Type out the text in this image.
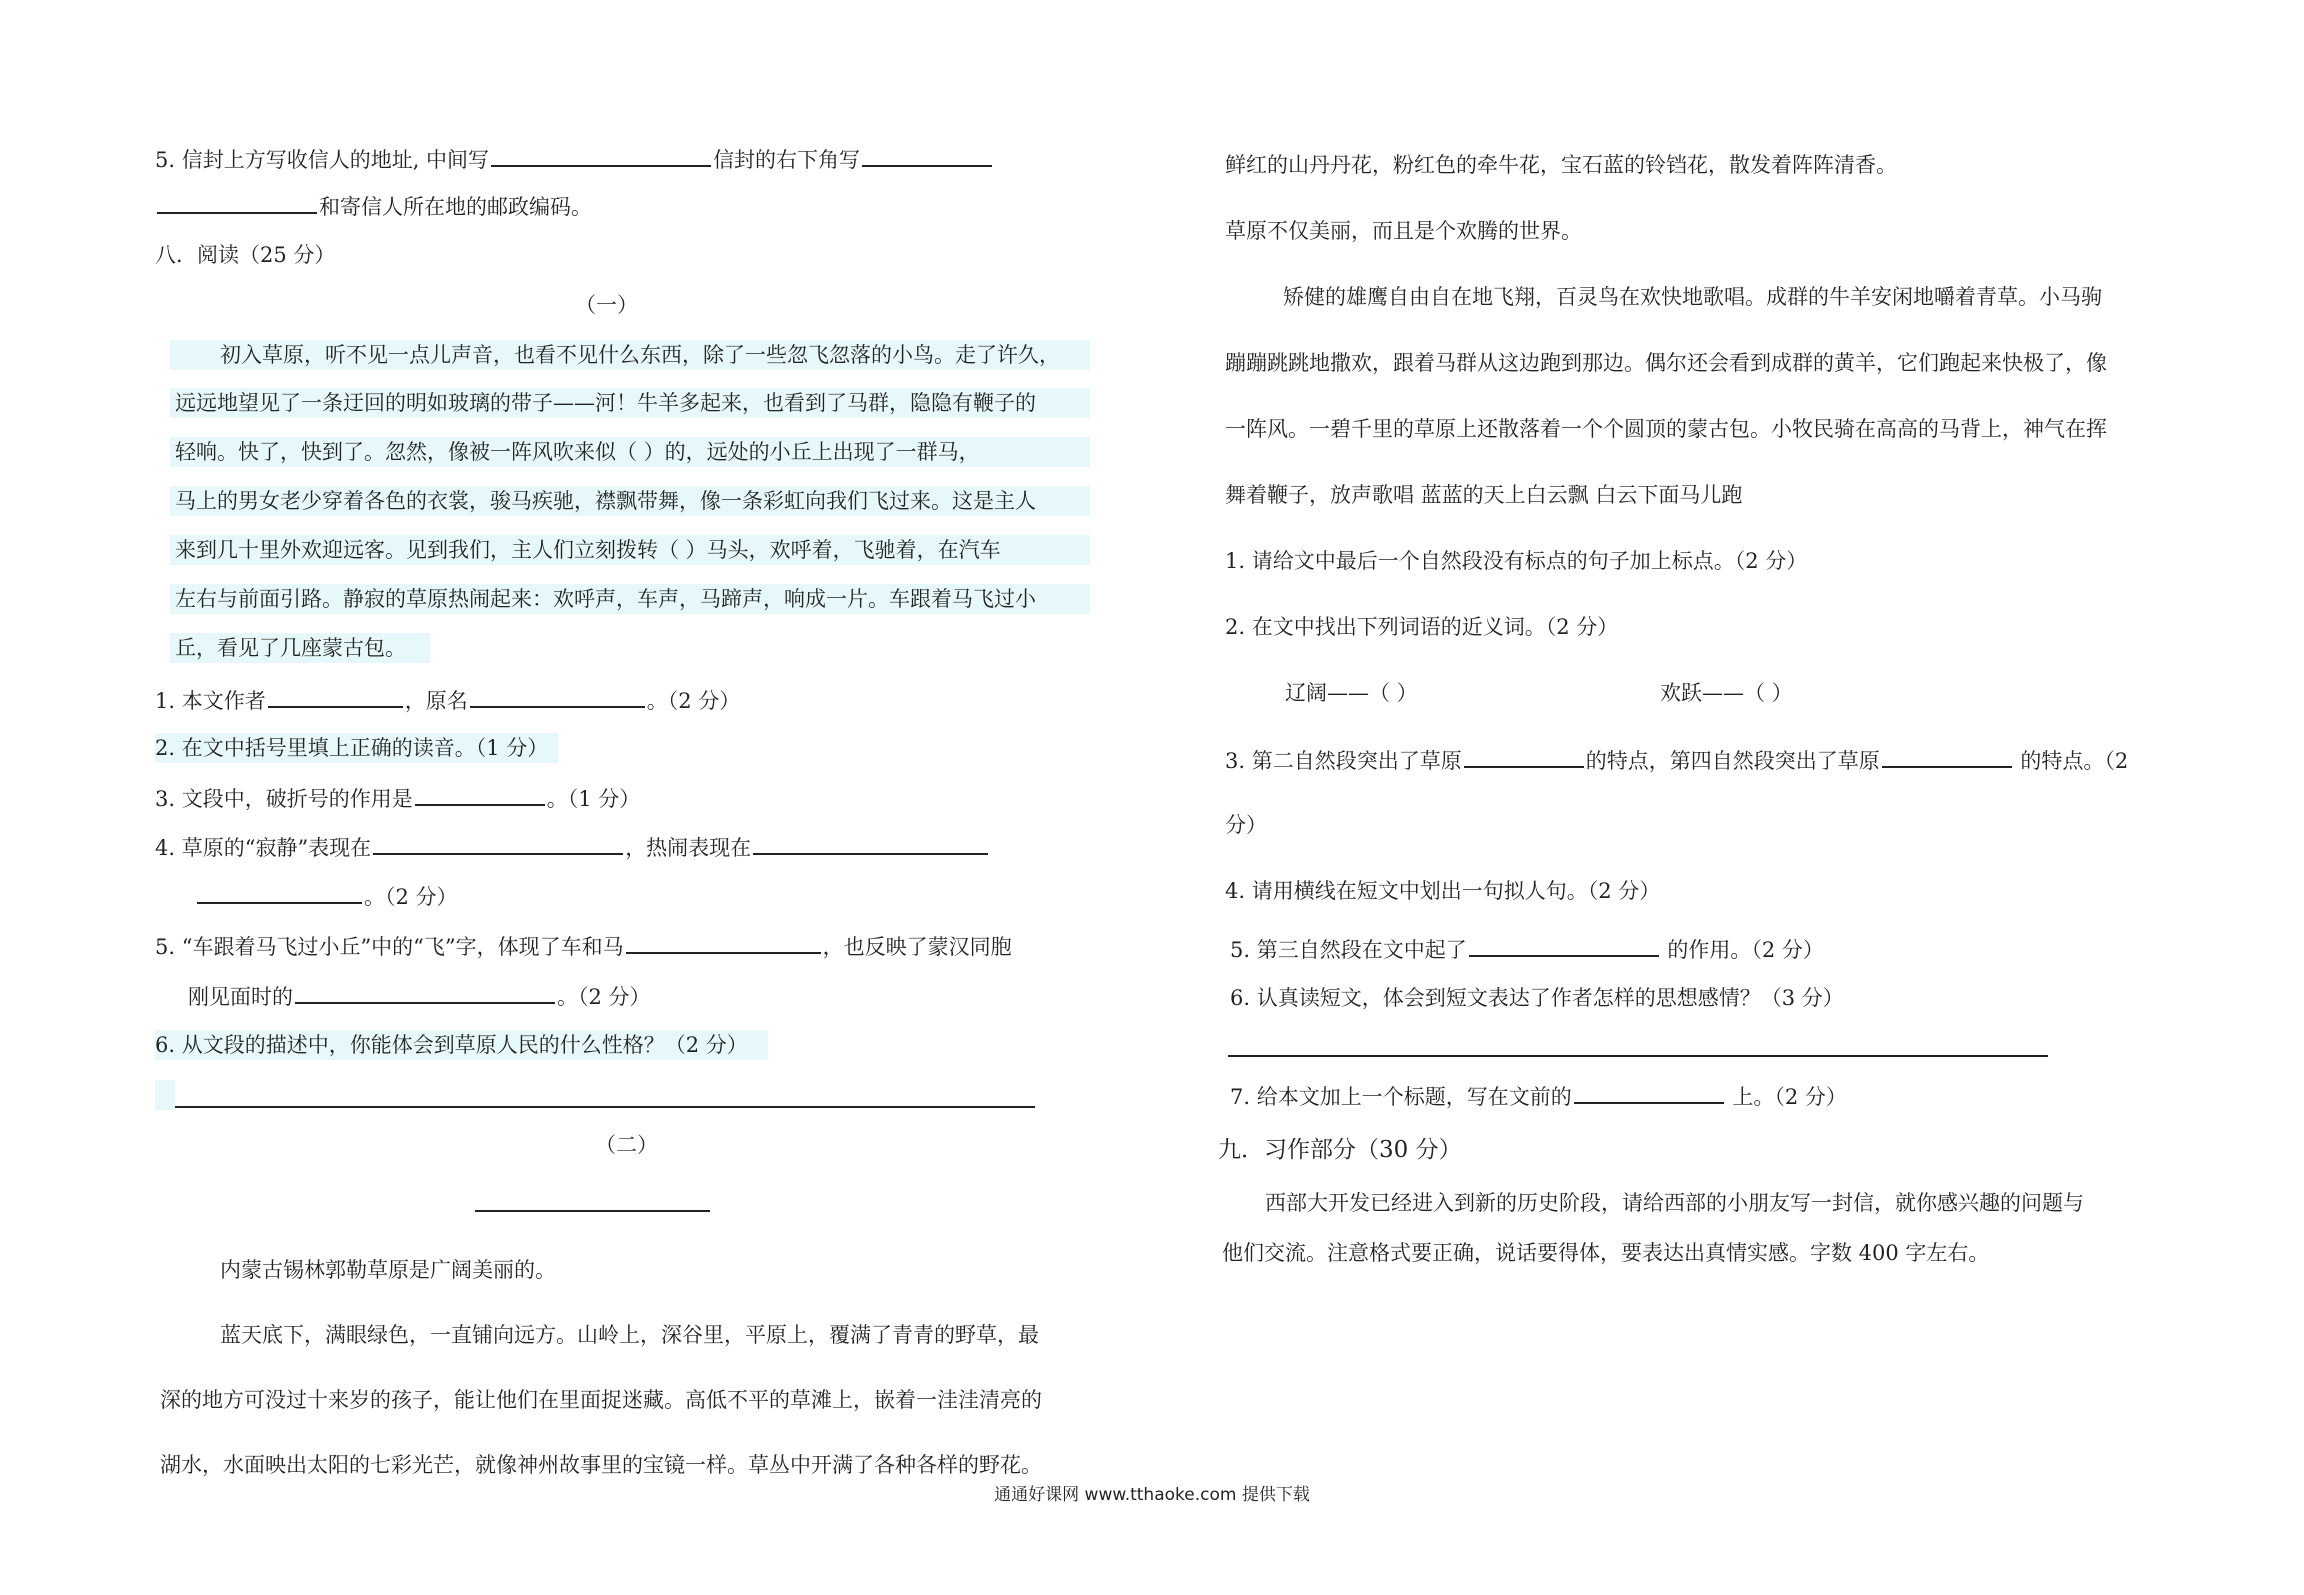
5. 信封上方写收信人的地址, 中间写	信封的右下角写
和寄信人所在地的邮政编码。
八．阅读（25 分）
（一）
初入草原，听不见一点儿声音，也看不见什么东西，除了一些忽飞忽落的小鸟。走了许久，
远远地望见了一条迂回的明如玻璃的带子——河！牛羊多起来，也看到了马群，隐隐有鞭子的
轻响。快了，快到了。忽然，像被一阵风吹来似（ ）的，远处的小丘上出现了一群马，
马上的男女老少穿着各色的衣裳，骏马疾驰，襟飘带舞，像一条彩虹向我们飞过来。这是主人
来到几十里外欢迎远客。见到我们，主人们立刻拨转（ ）马头，欢呼着，飞驰着，在汽车
左右与前面引路。静寂的草原热闹起来：欢呼声，车声，马蹄声，响成一片。车跟着马飞过小
丘，看见了几座蒙古包。
1. 本文作者	，原名	。（2 分）
2. 在文中括号里填上正确的读音。（1 分）
3. 文段中，破折号的作用是	。（1 分）
4. 草原的“寂静”表现在	，热闹表现在
。（2 分）
5. “车跟着马飞过小丘”中的“飞”字，体现了车和马	，也反映了蒙汉同胞
刚见面时的	。（2 分）
6. 从文段的描述中，你能体会到草原人民的什么性格？（2 分）
（二）
内蒙古锡林郭勒草原是广阔美丽的。
蓝天底下，满眼绿色，一直铺向远方。山岭上，深谷里，平原上，覆满了青青的野草，最
深的地方可没过十来岁的孩子，能让他们在里面捉迷藏。高低不平的草滩上，嵌着一洼洼清亮的
湖水，水面映出太阳的七彩光芒，就像神州故事里的宝镜一样。草丛中开满了各种各样的野花。
鲜红的山丹丹花，粉红色的牵牛花，宝石蓝的铃铛花，散发着阵阵清香。
草原不仅美丽，而且是个欢腾的世界。
矫健的雄鹰自由自在地飞翔，百灵鸟在欢快地歌唱。成群的牛羊安闲地嚼着青草。小马驹
蹦蹦跳跳地撒欢，跟着马群从这边跑到那边。偶尔还会看到成群的黄羊，它们跑起来快极了，像
一阵风。一碧千里的草原上还散落着一个个圆顶的蒙古包。小牧民骑在高高的马背上，神气在挥
舞着鞭子，放声歌唱 蓝蓝的天上白云飘 白云下面马儿跑
1. 请给文中最后一个自然段没有标点的句子加上标点。（2 分）
2. 在文中找出下列词语的近义词。（2 分）
辽阔——（ ）	欢跃——（ ）
3. 第二自然段突出了草原	的特点，第四自然段突出了草原	的特点。（2
分）
4. 请用横线在短文中划出一句拟人句。（2 分）
5. 第三自然段在文中起了	的作用。（2 分）
6. 认真读短文，体会到短文表达了作者怎样的思想感情？（3 分）
7. 给本文加上一个标题，写在文前的	上。（2 分）
九．习作部分（30 分）
西部大开发已经进入到新的历史阶段，请给西部的小朋友写一封信，就你感兴趣的问题与
他们交流。注意格式要正确，说话要得体，要表达出真情实感。字数 400 字左右。
通通好课网 www.tthaoke.com 提供下载
